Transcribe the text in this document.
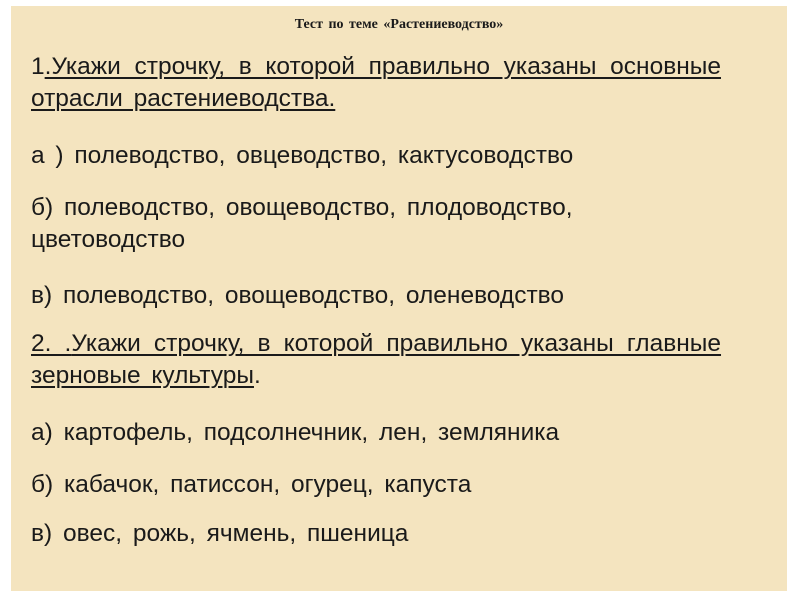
Тест по теме «Растениеводство»

1.Укажи строчку, в которой правильно указаны основные отрасли растениеводства.

а ) полеводство, овцеводство, кактусоводство

б) полеводство, овощеводство, плодоводство, цветоводство

в) полеводство, овощеводство, оленеводство

2. .Укажи строчку, в которой правильно указаны главные зерновые культуры.

а) картофель, подсолнечник, лен, земляника

б) кабачок, патиссон, огурец, капуста

в) овес, рожь, ячмень, пшеница
